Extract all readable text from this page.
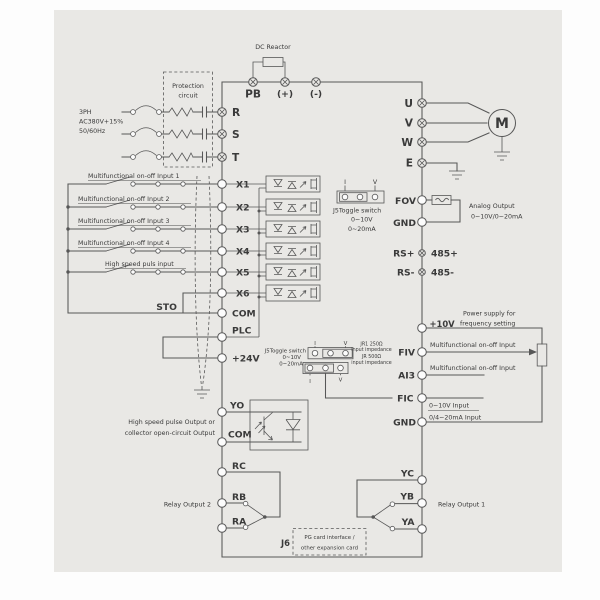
DC Reactor
PB (+) (-)
3PH
AC380V+15%
50/60Hz
Protection
circuit
R
S
T
Multifunctional on-off Input 1
Multifunctional on-off Input 2
Multifunctional on-off Input 3
Multifunctional on-off Input 4
High speed puls input
STO
X1
X2
X3
X4
X5
X6
COM
PLC
+24V
M
U
V
W
E
I	V
J5Toggle switch
0~10V
0~20mA
Analog Output
0~10V/0~20mA
FOV
GND
RS+ 485+
RS- 485-
I	V
I	V
J5Toggle switch
0~10V
0~20mA
JR1 250Ω
input impedance
JR 500Ω
input impedance
Power supply for
frequency setting
+10V
Multifunctional on-off Input
Multifunctional on-off Input
0~10V Input
0/4~20mA Input
FIV
AI3
FIC
GND
High speed pulse Output or
collector open-circuit Output
YO
COM
Relay Output 2
RC
RB
RA
Relay Output 1
YC
YB
YA
PG card interface /
other expansion card
J6
